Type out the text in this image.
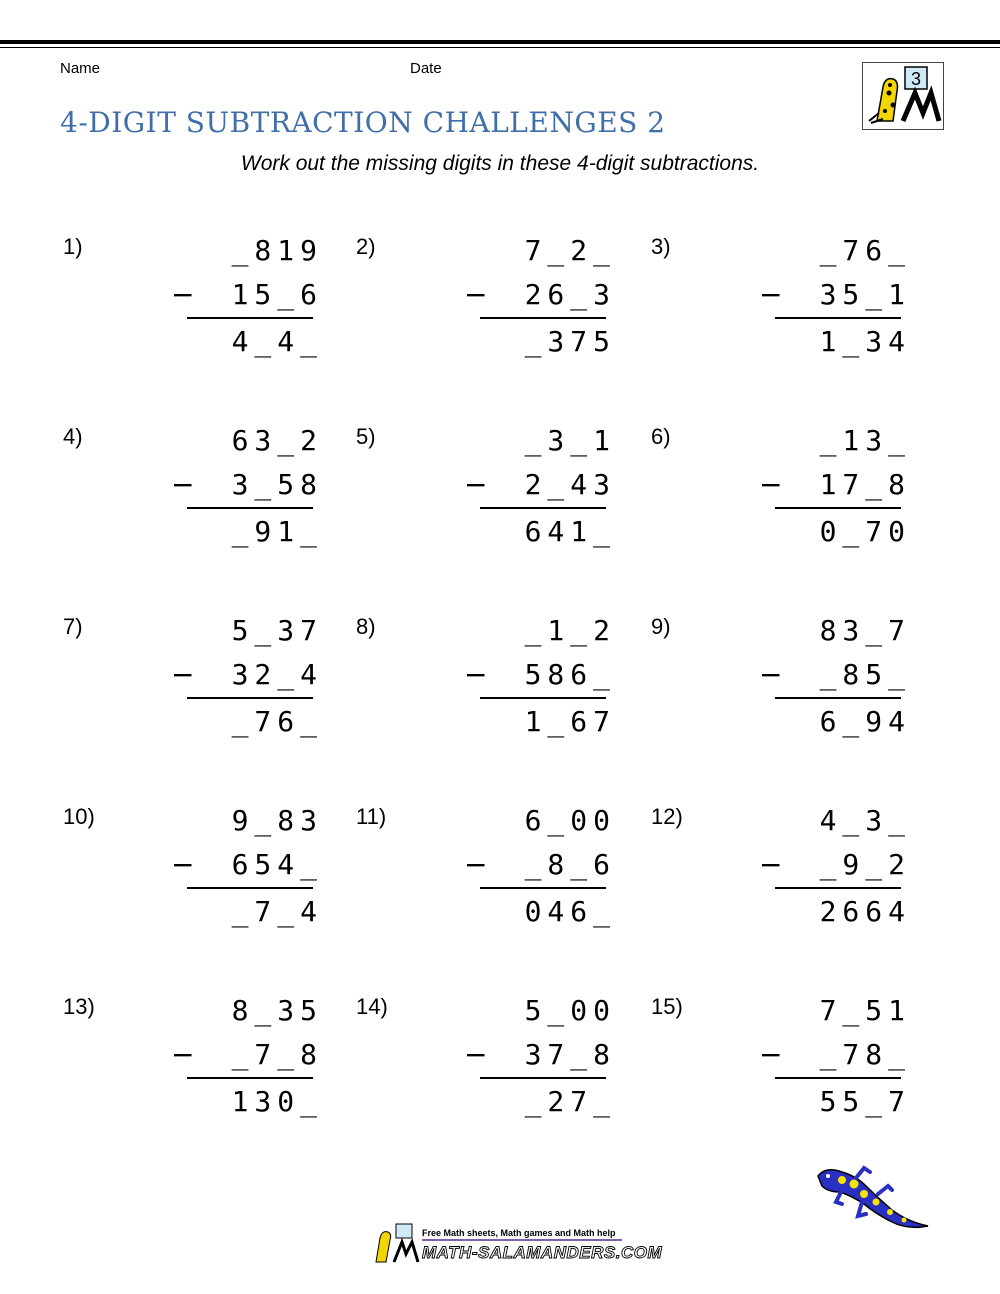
Name	Date
3
4-DIGIT SUBTRACTION CHALLENGES 2
Work out the missing digits in these 4-digit subtractions.
1)	_819
−	15_6
4_4_
2)	7_2_
−	26_3
_375
3)	_76_
−	35_1
1_34
4)	63_2
−	3_58
_91_
5)	_3_1
−	2_43
641_
6)	_13_
−	17_8
0_70
7)	5_37
−	32_4
_76_
8)	_1_2
−	586_
1_67
9)	83_7
−	_85_
6_94
10)	9_83
−	654_
_7_4
11)	6_00
−	_8_6
046_
12)	4_3_
−	_9_2
2664
13)	8_35
−	_7_8
130_
14)	5_00
−	37_8
_27_
15)	7_51
−	_78_
55_7
Free Math sheets, Math games and Math help
MATH-SALAMANDERS.COM
